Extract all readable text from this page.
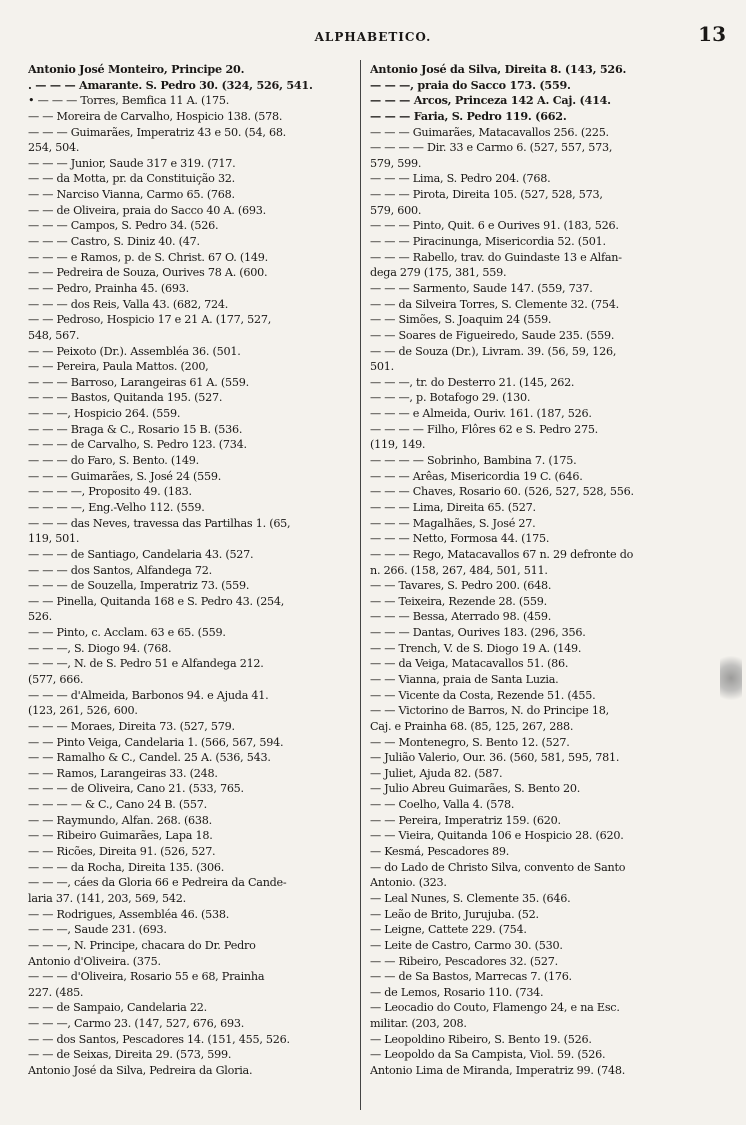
ALPHABETICO.	13
Antonio José Monteiro, Principe 20.
. — — — Amarante. S. Pedro 30. (324, 526, 541.
• — — — Torres, Bemfica 11 A. (175.
— — Moreira de Carvalho, Hospicio 138. (578.
— — — Guimarães, Imperatriz 43 e 50. (54, 68.
254, 504.
— — — Junior, Saude 317 e 319. (717.
— — da Motta, pr. da Constituição 32.
— — Narciso Vianna, Carmo 65. (768.
— — de Oliveira, praia do Sacco 40 A. (693.
— — — Campos, S. Pedro 34. (526.
— — — Castro, S. Diniz 40. (47.
— — — e Ramos, p. de S. Christ. 67 O. (149.
— — Pedreira de Souza, Ourives 78 A. (600.
— — Pedro, Prainha 45. (693.
— — — dos Reis, Valla 43. (682, 724.
— — Pedroso, Hospicio 17 e 21 A. (177, 527,
548, 567.
— — Peixoto (Dr.). Assembléa 36. (501.
— — Pereira, Paula Mattos. (200,
— — — Barroso, Larangeiras 61 A. (559.
— — — Bastos, Quitanda 195. (527.
— — —, Hospicio 264. (559.
— — — Braga & C., Rosario 15 B. (536.
— — — de Carvalho, S. Pedro 123. (734.
— — — do Faro, S. Bento. (149.
— — — Guimarães, S. José 24 (559.
— — — —, Proposito 49. (183.
— — — —, Eng.-Velho 112. (559.
— — — das Neves, travessa das Partilhas 1. (65,
119, 501.
— — — de Santiago, Candelaria 43. (527.
— — — dos Santos, Alfandega 72.
— — — de Souzella, Imperatriz 73. (559.
— — Pinella, Quitanda 168 e S. Pedro 43. (254,
526.
— — Pinto, c. Acclam. 63 e 65. (559.
— — —, S. Diogo 94. (768.
— — —, N. de S. Pedro 51 e Alfandega 212.
(577, 666.
— — — d'Almeida, Barbonos 94. e Ajuda 41.
(123, 261, 526, 600.
— — — Moraes, Direita 73. (527, 579.
— — Pinto Veiga, Candelaria 1. (566, 567, 594.
— — Ramalho & C., Candel. 25 A. (536, 543.
— — Ramos, Larangeiras 33. (248.
— — — de Oliveira, Cano 21. (533, 765.
— — — — & C., Cano 24 B. (557.
— — Raymundo, Alfan. 268. (638.
— — Ribeiro Guimarães, Lapa 18.
— — Ricões, Direita 91. (526, 527.
— — — da Rocha, Direita 135. (306.
— — —, cáes da Gloria 66 e Pedreira da Cande-
laria 37. (141, 203, 569, 542.
— — Rodrigues, Assembléa 46. (538.
— — —, Saude 231. (693.
— — —, N. Principe, chacara do Dr. Pedro
Antonio d'Oliveira. (375.
— — — d'Oliveira, Rosario 55 e 68, Prainha
227. (485.
— — de Sampaio, Candelaria 22.
— — —, Carmo 23. (147, 527, 676, 693.
— — dos Santos, Pescadores 14. (151, 455, 526.
— — de Seixas, Direita 29. (573, 599.
Antonio José da Silva, Pedreira da Gloria.
Antonio José da Silva, Direita 8. (143, 526.
— — —, praia do Sacco 173. (559.
— — — Arcos, Princeza 142 A. Caj. (414.
— — — Faria, S. Pedro 119. (662.
— — — Guimarães, Matacavallos 256. (225.
— — — — Dir. 33 e Carmo 6. (527, 557, 573,
579, 599.
— — — Lima, S. Pedro 204. (768.
— — — Pirota, Direita 105. (527, 528, 573,
579, 600.
— — — Pinto, Quit. 6 e Ourives 91. (183, 526.
— — — Piracinunga, Misericordia 52. (501.
— — — Rabello, trav. do Guindaste 13 e Alfan-
dega 279 (175, 381, 559.
— — — Sarmento, Saude 147. (559, 737.
— — da Silveira Torres, S. Clemente 32. (754.
— — Simões, S. Joaquim 24 (559.
— — Soares de Figueiredo, Saude 235. (559.
— — de Souza (Dr.), Livram. 39. (56, 59, 126,
501.
— — —, tr. do Desterro 21. (145, 262.
— — —, p. Botafogo 29. (130.
— — — e Almeida, Ouriv. 161. (187, 526.
— — — — Filho, Flôres 62 e S. Pedro 275.
(119, 149.
— — — — Sobrinho, Bambina 7. (175.
— — — Arêas, Misericordia 19 C. (646.
— — — Chaves, Rosario 60. (526, 527, 528, 556.
— — — Lima, Direita 65. (527.
— — — Magalhães, S. José 27.
— — — Netto, Formosa 44. (175.
— — — Rego, Matacavallos 67 n. 29 defronte do
n. 266. (158, 267, 484, 501, 511.
— — Tavares, S. Pedro 200. (648.
— — Teixeira, Rezende 28. (559.
— — — Bessa, Aterrado 98. (459.
— — — Dantas, Ourives 183. (296, 356.
— — Trench, V. de S. Diogo 19 A. (149.
— — da Veiga, Matacavallos 51. (86.
— — Vianna, praia de Santa Luzia.
— — Vicente da Costa, Rezende 51. (455.
— — Victorino de Barros, N. do Principe 18,
Caj. e Prainha 68. (85, 125, 267, 288.
— — Montenegro, S. Bento 12. (527.
— Julião Valerio, Our. 36. (560, 581, 595, 781.
— Juliet, Ajuda 82. (587.
— Julio Abreu Guimarães, S. Bento 20.
— — Coelho, Valla 4. (578.
— — Pereira, Imperatriz 159. (620.
— — Vieira, Quitanda 106 e Hospicio 28. (620.
— Kesmá, Pescadores 89.
— do Lado de Christo Silva, convento de Santo
Antonio. (323.
— Leal Nunes, S. Clemente 35. (646.
— Leão de Brito, Jurujuba. (52.
— Leigne, Cattete 229. (754.
— Leite de Castro, Carmo 30. (530.
— — Ribeiro, Pescadores 32. (527.
— — de Sa Bastos, Marrecas 7. (176.
— de Lemos, Rosario 110. (734.
— Leocadio do Couto, Flamengo 24, e na Esc.
militar. (203, 208.
— Leopoldino Ribeiro, S. Bento 19. (526.
— Leopoldo da Sa Campista, Viol. 59. (526.
Antonio Lima de Miranda, Imperatriz 99. (748.
